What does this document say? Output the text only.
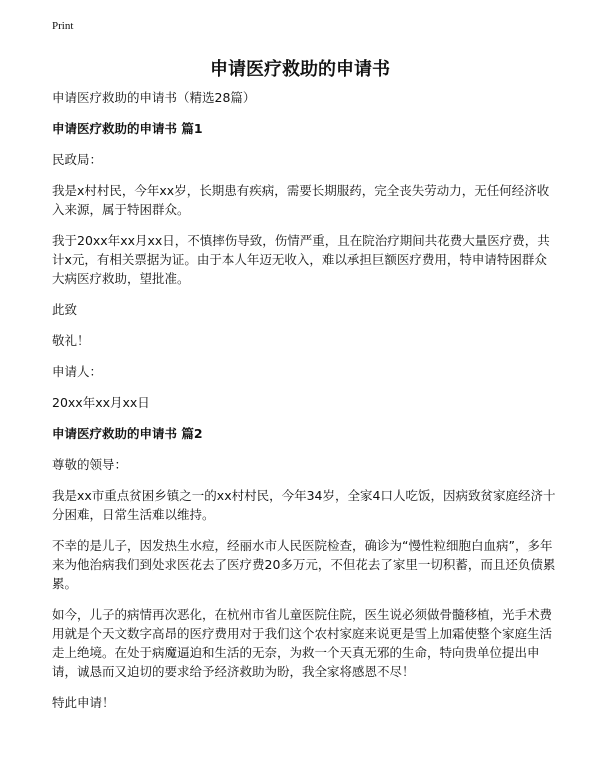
Print
申请医疗救助的申请书

申请医疗救助的申请书（精选28篇）

申请医疗救助的申请书 篇1

民政局：

我是x村村民，今年xx岁，长期患有疾病，需要长期服药，完全丧失劳动力，无任何经济收入来源，属于特困群众。

我于20xx年xx月xx日，不慎摔伤导致，伤情严重，且在院治疗期间共花费大量医疗费，共计x元，有相关票据为证。由于本人年迈无收入，难以承担巨额医疗费用，特申请特困群众大病医疗救助，望批准。

此致

敬礼！

申请人：

20xx年xx月xx日

申请医疗救助的申请书 篇2

尊敬的领导：

我是xx市重点贫困乡镇之一的xx村村民，今年34岁，全家4口人吃饭，因病致贫家庭经济十分困难，日常生活难以维持。

不幸的是儿子，因发热生水痘，经丽水市人民医院检查，确诊为“慢性粒细胞白血病”，多年来为他治病我们到处求医花去了医疗费20多万元，不但花去了家里一切积蓄，而且还负债累累。

如今，儿子的病情再次恶化，在杭州市省儿童医院住院，医生说必须做骨髓移植，光手术费用就是个天文数字高昂的医疗费用对于我们这个农村家庭来说更是雪上加霜使整个家庭生活走上绝境。在处于病魔逼迫和生活的无奈，为救一个天真无邪的生命，特向贵单位提出申请，诚恳而又迫切的要求给予经济救助为盼，我全家将感恩不尽！

特此申请！
